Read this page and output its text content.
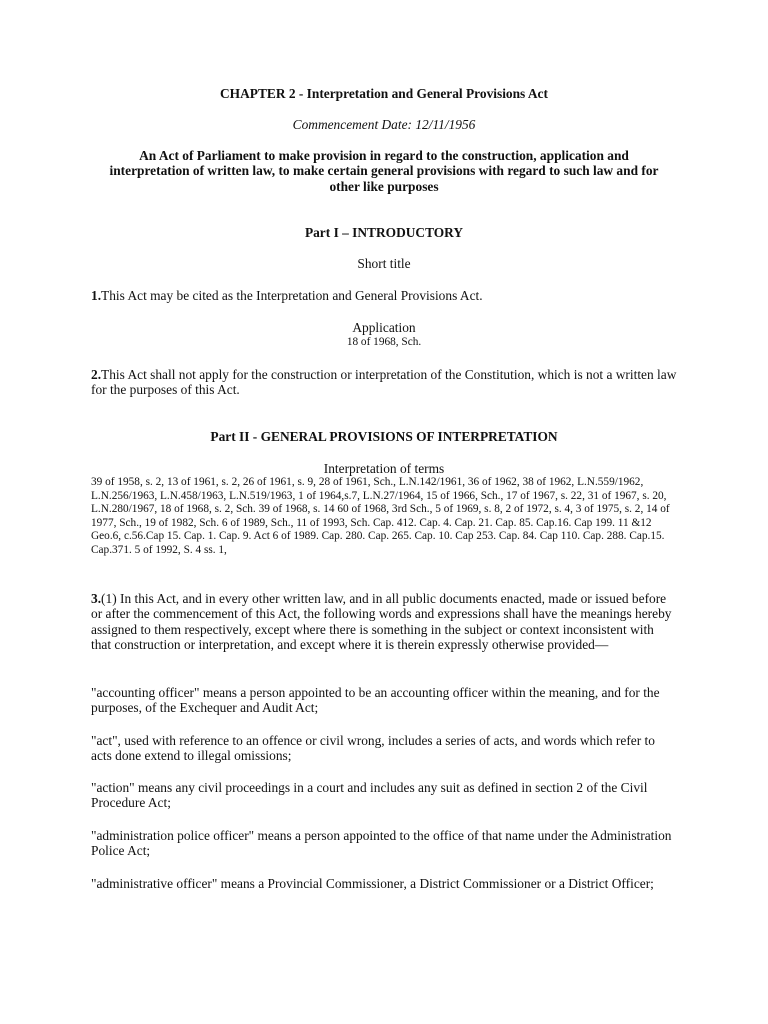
CHAPTER 2 - Interpretation and General Provisions Act

Commencement Date: 12/11/1956

An Act of Parliament to make provision in regard to the construction, application and interpretation of written law, to make certain general provisions with regard to such law and for other like purposes

Part I – INTRODUCTORY

Short title

1.This Act may be cited as the Interpretation and General Provisions Act.

Application

18 of 1968, Sch.

2.This Act shall not apply for the construction or interpretation of the Constitution, which is not a written law for the purposes of this Act.

Part II - GENERAL PROVISIONS OF INTERPRETATION

Interpretation of terms

39 of 1958, s. 2, 13 of 1961, s. 2, 26 of 1961, s. 9, 28 of 1961, Sch., L.N.142/1961, 36 of 1962, 38 of 1962, L.N.559/1962, L.N.256/1963, L.N.458/1963, L.N.519/1963, 1 of 1964,s.7, L.N.27/1964, 15 of 1966, Sch., 17 of 1967, s. 22, 31 of 1967, s. 20, L.N.280/1967, 18 of 1968, s. 2, Sch. 39 of 1968, s. 14 60 of 1968, 3rd Sch., 5 of 1969, s. 8, 2 of 1972, s. 4, 3 of 1975, s. 2, 14 of 1977, Sch., 19 of 1982, Sch. 6 of 1989, Sch., 11 of 1993, Sch. Cap. 412. Cap. 4. Cap. 21. Cap. 85. Cap.16. Cap 199. 11 &12 Geo.6, c.56.Cap 15. Cap. 1. Cap. 9. Act 6 of 1989. Cap. 280. Cap. 265. Cap. 10. Cap 253. Cap. 84. Cap 110. Cap. 288. Cap.15. Cap.371. 5 of 1992, S. 4 ss. 1,

3.(1) In this Act, and in every other written law, and in all public documents enacted, made or issued before or after the commencement of this Act, the following words and expressions shall have the meanings hereby assigned to them respectively, except where there is something in the subject or context inconsistent with that construction or interpretation, and except where it is therein expressly otherwise provided—

"accounting officer" means a person appointed to be an accounting officer within the meaning, and for the purposes, of the Exchequer and Audit Act;

"act", used with reference to an offence or civil wrong, includes a series of acts, and words which refer to acts done extend to illegal omissions;

"action" means any civil proceedings in a court and includes any suit as defined in section 2 of the Civil Procedure Act;

"administration police officer" means a person appointed to the office of that name under the Administration Police Act;

"administrative officer" means a Provincial Commissioner, a District Commissioner or a District Officer;
